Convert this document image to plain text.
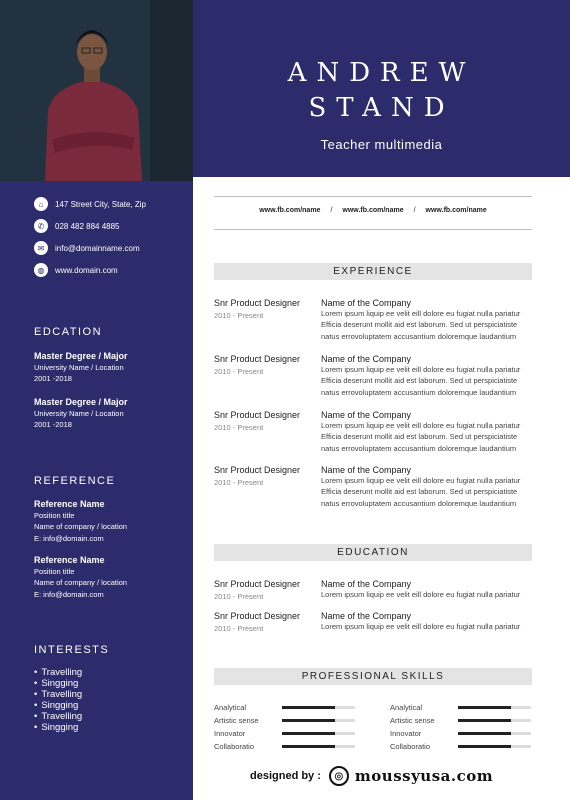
ANDREW
STAND
Teacher multimedia
⌂	147 Street City, State, Zip
✆	028 482 884 4885
✉	info@domainname.com
◍	www.domain.com
EDCATION
Master Degree / Major
University Name / Location
2001 -2018
Master Degree / Major
University Name / Location
2001 -2018
REFERENCE
Reference Name
Position title
Name of company / location
E: info@domain.com
Reference Name
Position title
Name of company / location
E: info@domain.com
INTERESTS
• Travelling
• Singging
• Travelling
• Singging
• Travelling
• Singging
www.fb.com/name / www.fb.com/name / www.fb.com/name
EXPERIENCE
Snr Product Designer
2010 - Present
Name of the Company
Lorem ipsum liquip ee velit eill dolore eu fugiat nulla pariatur
Efficia deserunt mollit aid est laborum. Sed ut perspiciatiste
natus errovoluptatem accusantium doloremque laudantium
Snr Product Designer
2010 - Present
Name of the Company
Lorem ipsum liquip ee velit eill dolore eu fugiat nulla pariatur
Efficia deserunt mollit aid est laborum. Sed ut perspiciatiste
natus errovoluptatem accusantium doloremque laudantium
Snr Product Designer
2010 - Present
Name of the Company
Lorem ipsum liquip ee velit eill dolore eu fugiat nulla pariatur
Efficia deserunt mollit aid est laborum. Sed ut perspiciatiste
natus errovoluptatem accusantium doloremque laudantium
Snr Product Designer
2010 - Present
Name of the Company
Lorem ipsum liquip ee velit eill dolore eu fugiat nulla pariatur
Efficia deserunt mollit aid est laborum. Sed ut perspiciatiste
natus errovoluptatem accusantium doloremque laudantium
EDUCATION
Snr Product Designer
2010 - Present
Name of the Company
Lorem ipsum liquip ee velit eill dolore eu fugiat nulla pariatur
Snr Product Designer
2010 - Present
Name of the Company
Lorem ipsum liquip ee velit eill dolore eu fugiat nulla pariatur
PROFESSIONAL SKILLS
Analytical
Artistic sense
Innovator
Collaboratio
Analytical
Artistic sense
Innovator
Collaboratio
designed by :	◎ moussyusa.com
